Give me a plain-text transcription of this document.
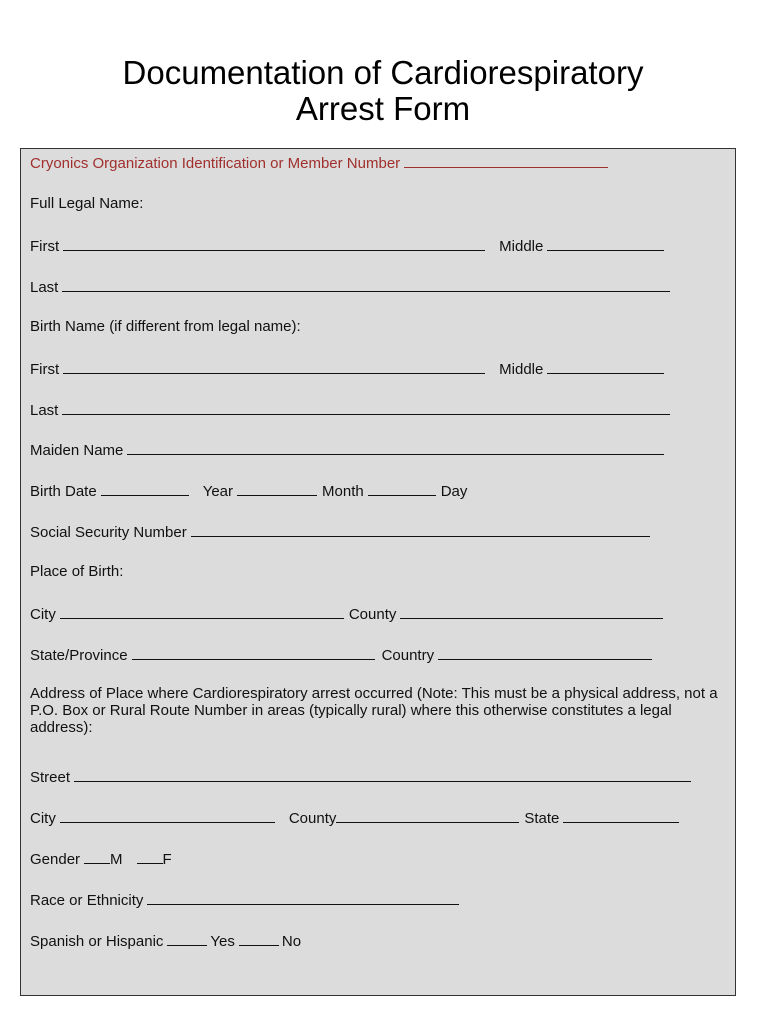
Documentation of Cardiorespiratory
Arrest Form
Cryonics Organization Identification or Member Number
Full Legal Name:
First	Middle
Last
Birth Name (if different from legal name):
First	Middle
Last
Maiden Name
Birth Date	Year	Month	Day
Social Security Number
Place of Birth:
City	County
State/Province	Country
Address of Place where Cardiorespiratory arrest occurred (Note: This must be a physical address, not a P.O. Box or Rural Route Number in areas (typically rural) where this otherwise constitutes a legal address):
Street
City	County	State
Gender M	F
Race or Ethnicity
Spanish or Hispanic	Yes	No
